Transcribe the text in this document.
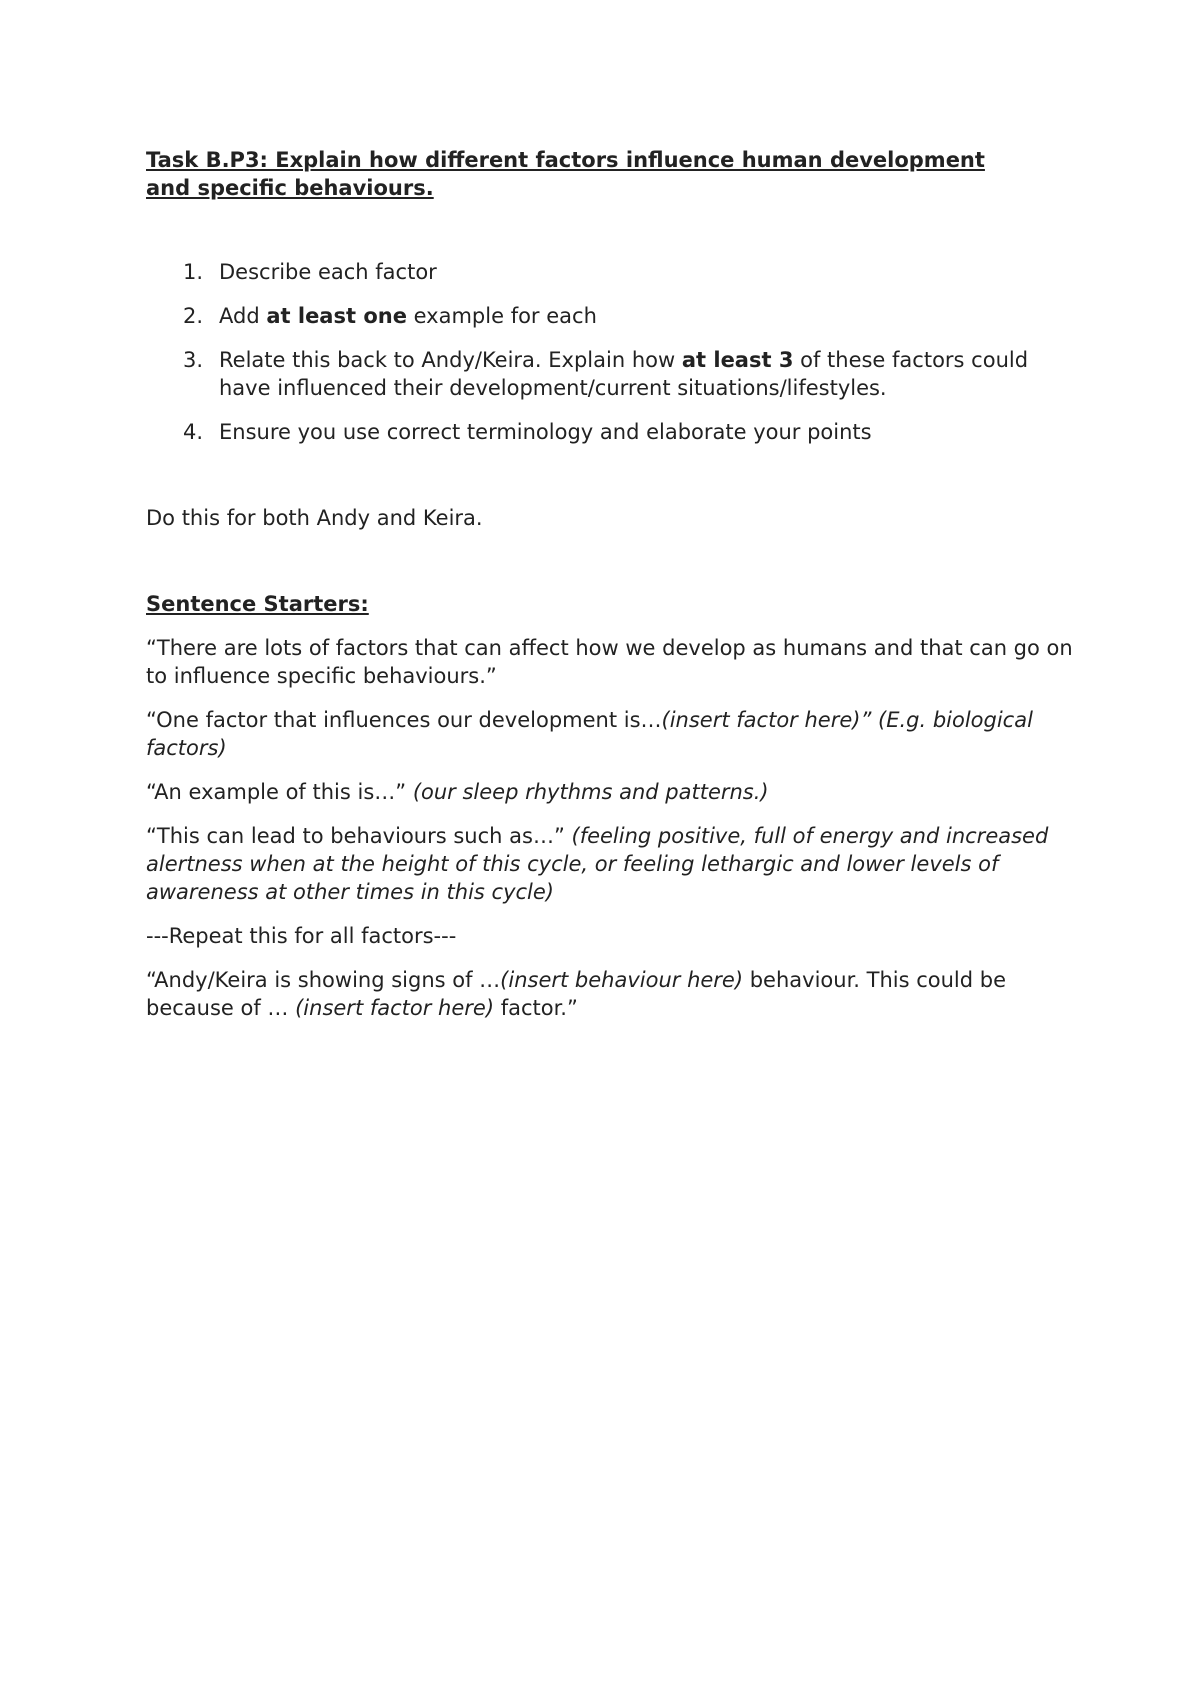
Task B.P3: Explain how different factors influence human development
and specific behaviours.

1. Describe each factor
2. Add at least one example for each
3. Relate this back to Andy/Keira. Explain how at least 3 of these factors could have influenced their development/current situations/lifestyles.
4. Ensure you use correct terminology and elaborate your points

Do this for both Andy and Keira.

Sentence Starters:

“There are lots of factors that can affect how we develop as humans and that can go on to influence specific behaviours.”

“One factor that influences our development is…(insert factor here)” (E.g. biological factors)

“An example of this is…” (our sleep rhythms and patterns.)

“This can lead to behaviours such as…” (feeling positive, full of energy and increased alertness when at the height of this cycle, or feeling lethargic and lower levels of awareness at other times in this cycle)

---Repeat this for all factors---

“Andy/Keira is showing signs of …(insert behaviour here) behaviour. This could be because of … (insert factor here) factor.”
